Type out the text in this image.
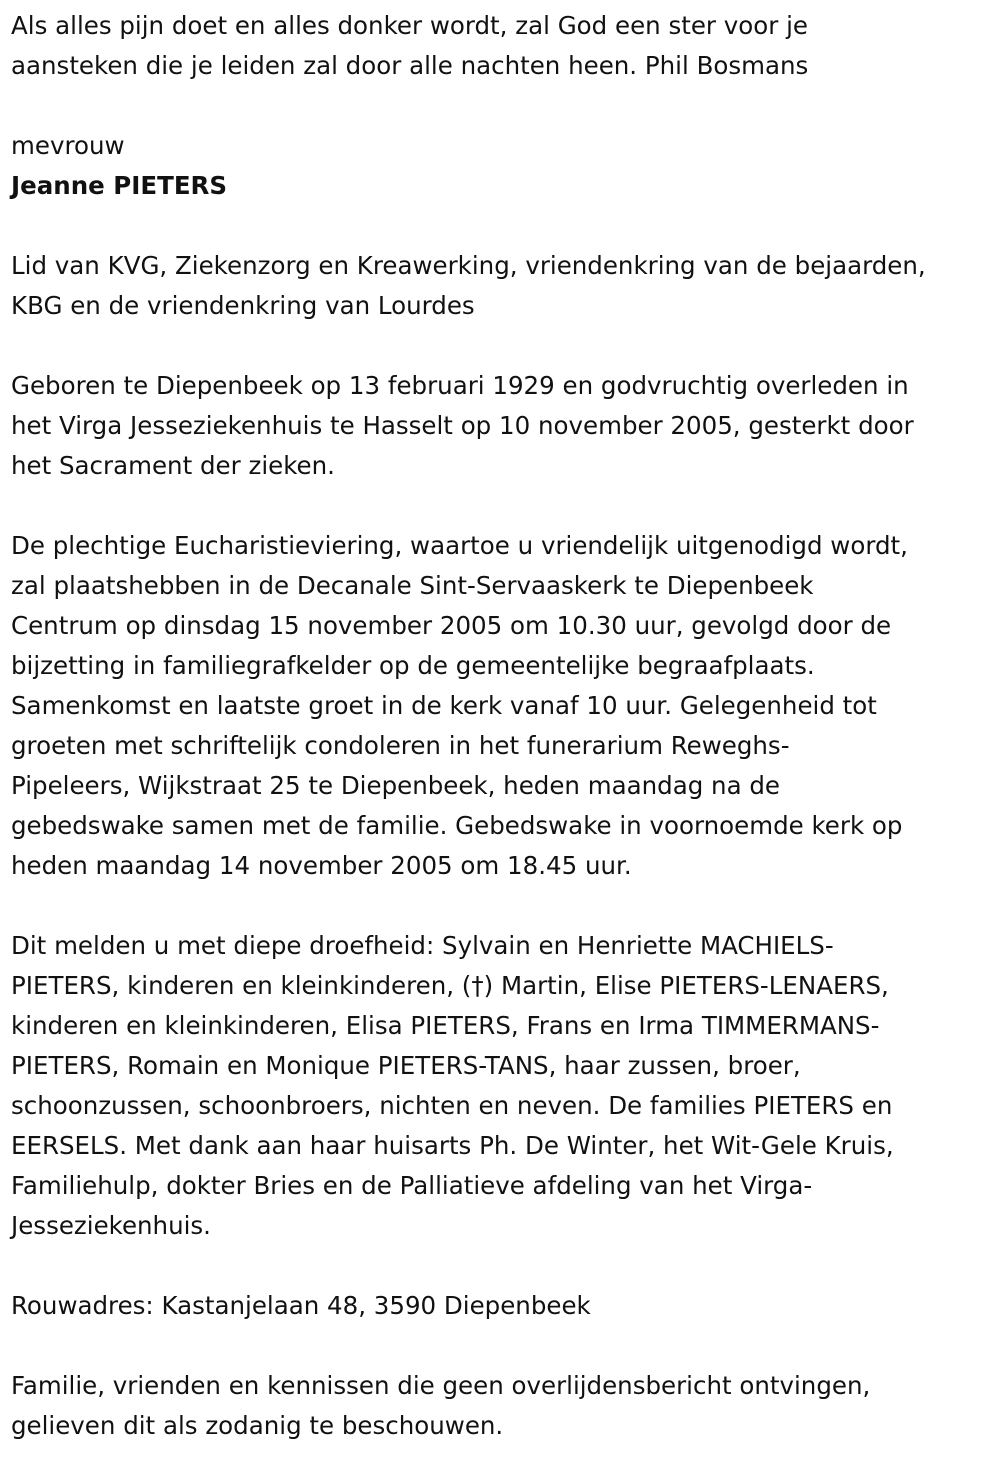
Als alles pijn doet en alles donker wordt, zal God een ster voor je
aansteken die je leiden zal door alle nachten heen. Phil Bosmans
mevrouw
Jeanne PIETERS
Lid van KVG, Ziekenzorg en Kreawerking, vriendenkring van de bejaarden,
KBG en de vriendenkring van Lourdes
Geboren te Diepenbeek op 13 februari 1929 en godvruchtig overleden in
het Virga Jesseziekenhuis te Hasselt op 10 november 2005, gesterkt door
het Sacrament der zieken.
De plechtige Eucharistieviering, waartoe u vriendelijk uitgenodigd wordt,
zal plaatshebben in de Decanale Sint-Servaaskerk te Diepenbeek
Centrum op dinsdag 15 november 2005 om 10.30 uur, gevolgd door de
bijzetting in familiegrafkelder op de gemeentelijke begraafplaats.
Samenkomst en laatste groet in de kerk vanaf 10 uur. Gelegenheid tot
groeten met schriftelijk condoleren in het funerarium Reweghs-
Pipeleers, Wijkstraat 25 te Diepenbeek, heden maandag na de
gebedswake samen met de familie. Gebedswake in voornoemde kerk op
heden maandag 14 november 2005 om 18.45 uur.
Dit melden u met diepe droefheid: Sylvain en Henriette MACHIELS-
PIETERS, kinderen en kleinkinderen, (†) Martin, Elise PIETERS-LENAERS,
kinderen en kleinkinderen, Elisa PIETERS, Frans en Irma TIMMERMANS-
PIETERS, Romain en Monique PIETERS-TANS, haar zussen, broer,
schoonzussen, schoonbroers, nichten en neven. De families PIETERS en
EERSELS. Met dank aan haar huisarts Ph. De Winter, het Wit-Gele Kruis,
Familiehulp, dokter Bries en de Palliatieve afdeling van het Virga-
Jesseziekenhuis.
Rouwadres: Kastanjelaan 48, 3590 Diepenbeek
Familie, vrienden en kennissen die geen overlijdensbericht ontvingen,
gelieven dit als zodanig te beschouwen.
